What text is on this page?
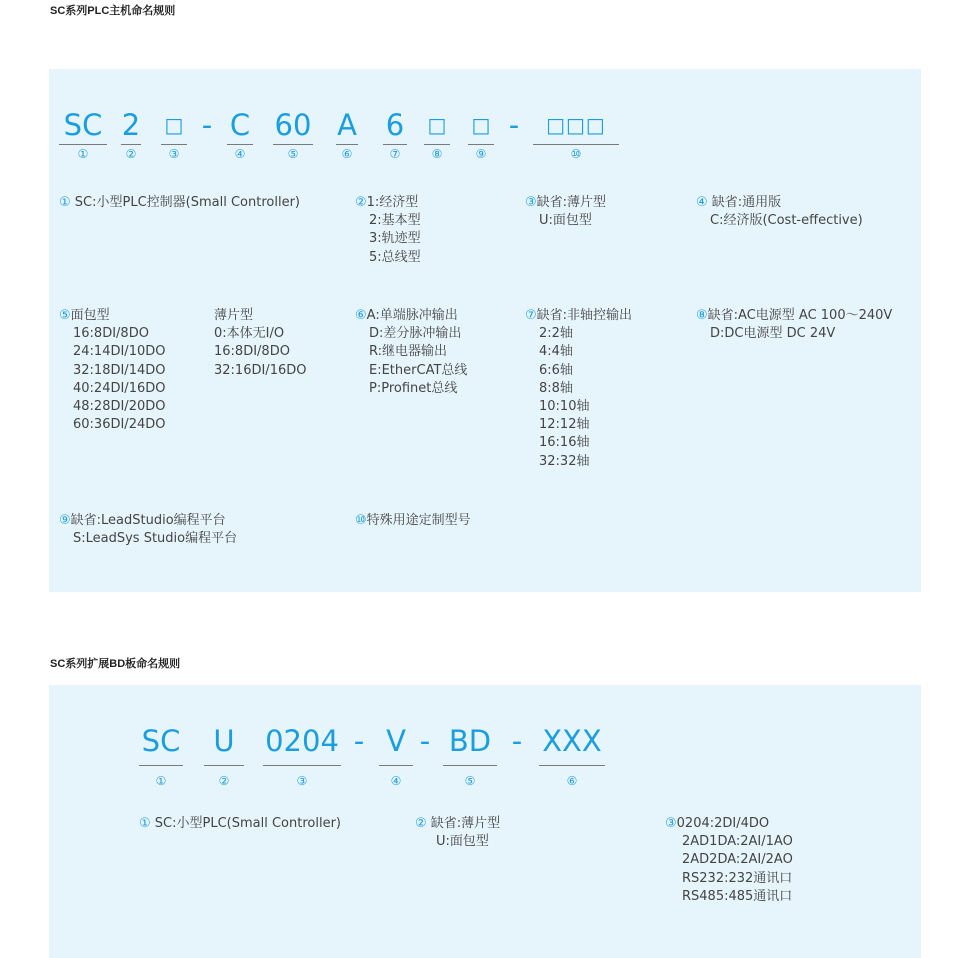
SC系列PLC主机命名规则
SC 2 □ - C 60 A 6 □ □ -	□□□
①	②	③	④	⑤	⑥	⑦	⑧	⑨	⑩
① SC:小型PLC控制器(Small Controller)	②1:经济型
2:基本型
3:轨迹型
5:总线型
③缺省:薄片型
U:面包型
④ 缺省:通用版
C:经济版(Cost-effective)
⑤面包型
16:8DI/8DO
24:14DI/10DO
32:18DI/14DO
40:24DI/16DO
48:28DI/20DO
60:36DI/24DO
薄片型
0:本体无I/O
16:8DI/8DO
32:16DI/16DO
⑥A:单端脉冲输出
D:差分脉冲输出
R:继电器输出
E:EtherCAT总线
P:Profinet总线
⑦缺省:非轴控输出
2:2轴
4:4轴
6:6轴
8:8轴
10:10轴
12:12轴
16:16轴
32:32轴
⑧缺省:AC电源型 AC 100～240V
D:DC电源型 DC 24V
⑨缺省:LeadStudio编程平台
S:LeadSys Studio编程平台
⑩特殊用途定制型号
SC系列扩展BD板命名规则
SC	U	0204 - V - BD - XXX
①	②	③	④	⑤	⑥
① SC:小型PLC(Small Controller)	② 缺省:薄片型
U:面包型
③0204:2DI/4DO
2AD1DA:2AI/1AO
2AD2DA:2AI/2AO
RS232:232通讯口
RS485:485通讯口
